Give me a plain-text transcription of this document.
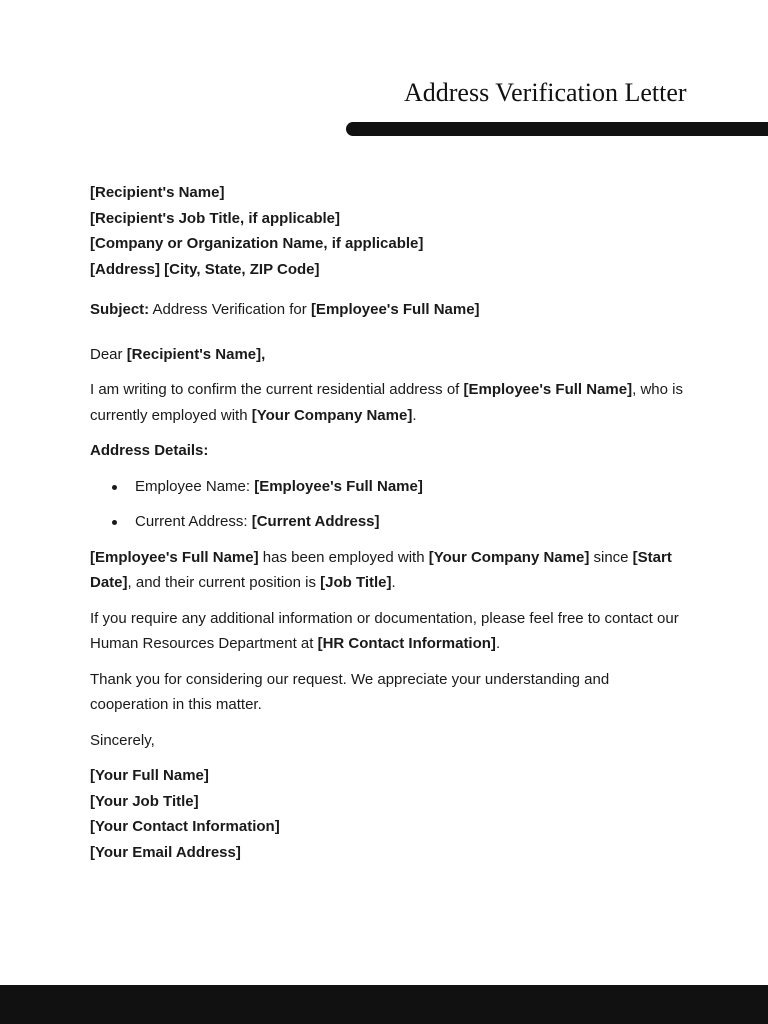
Address Verification Letter
[Recipient's Name]
[Recipient's Job Title, if applicable]
[Company or Organization Name, if applicable]
[Address] [City, State, ZIP Code]

Subject: Address Verification for [Employee's Full Name]

Dear [Recipient's Name],

I am writing to confirm the current residential address of [Employee's Full Name], who is currently employed with [Your Company Name].

Address Details:

Employee Name: [Employee's Full Name]
Current Address: [Current Address]

[Employee's Full Name] has been employed with [Your Company Name] since [Start Date], and their current position is [Job Title].

If you require any additional information or documentation, please feel free to contact our Human Resources Department at [HR Contact Information].

Thank you for considering our request. We appreciate your understanding and cooperation in this matter.

Sincerely,

[Your Full Name]
[Your Job Title]
[Your Contact Information]
[Your Email Address]
